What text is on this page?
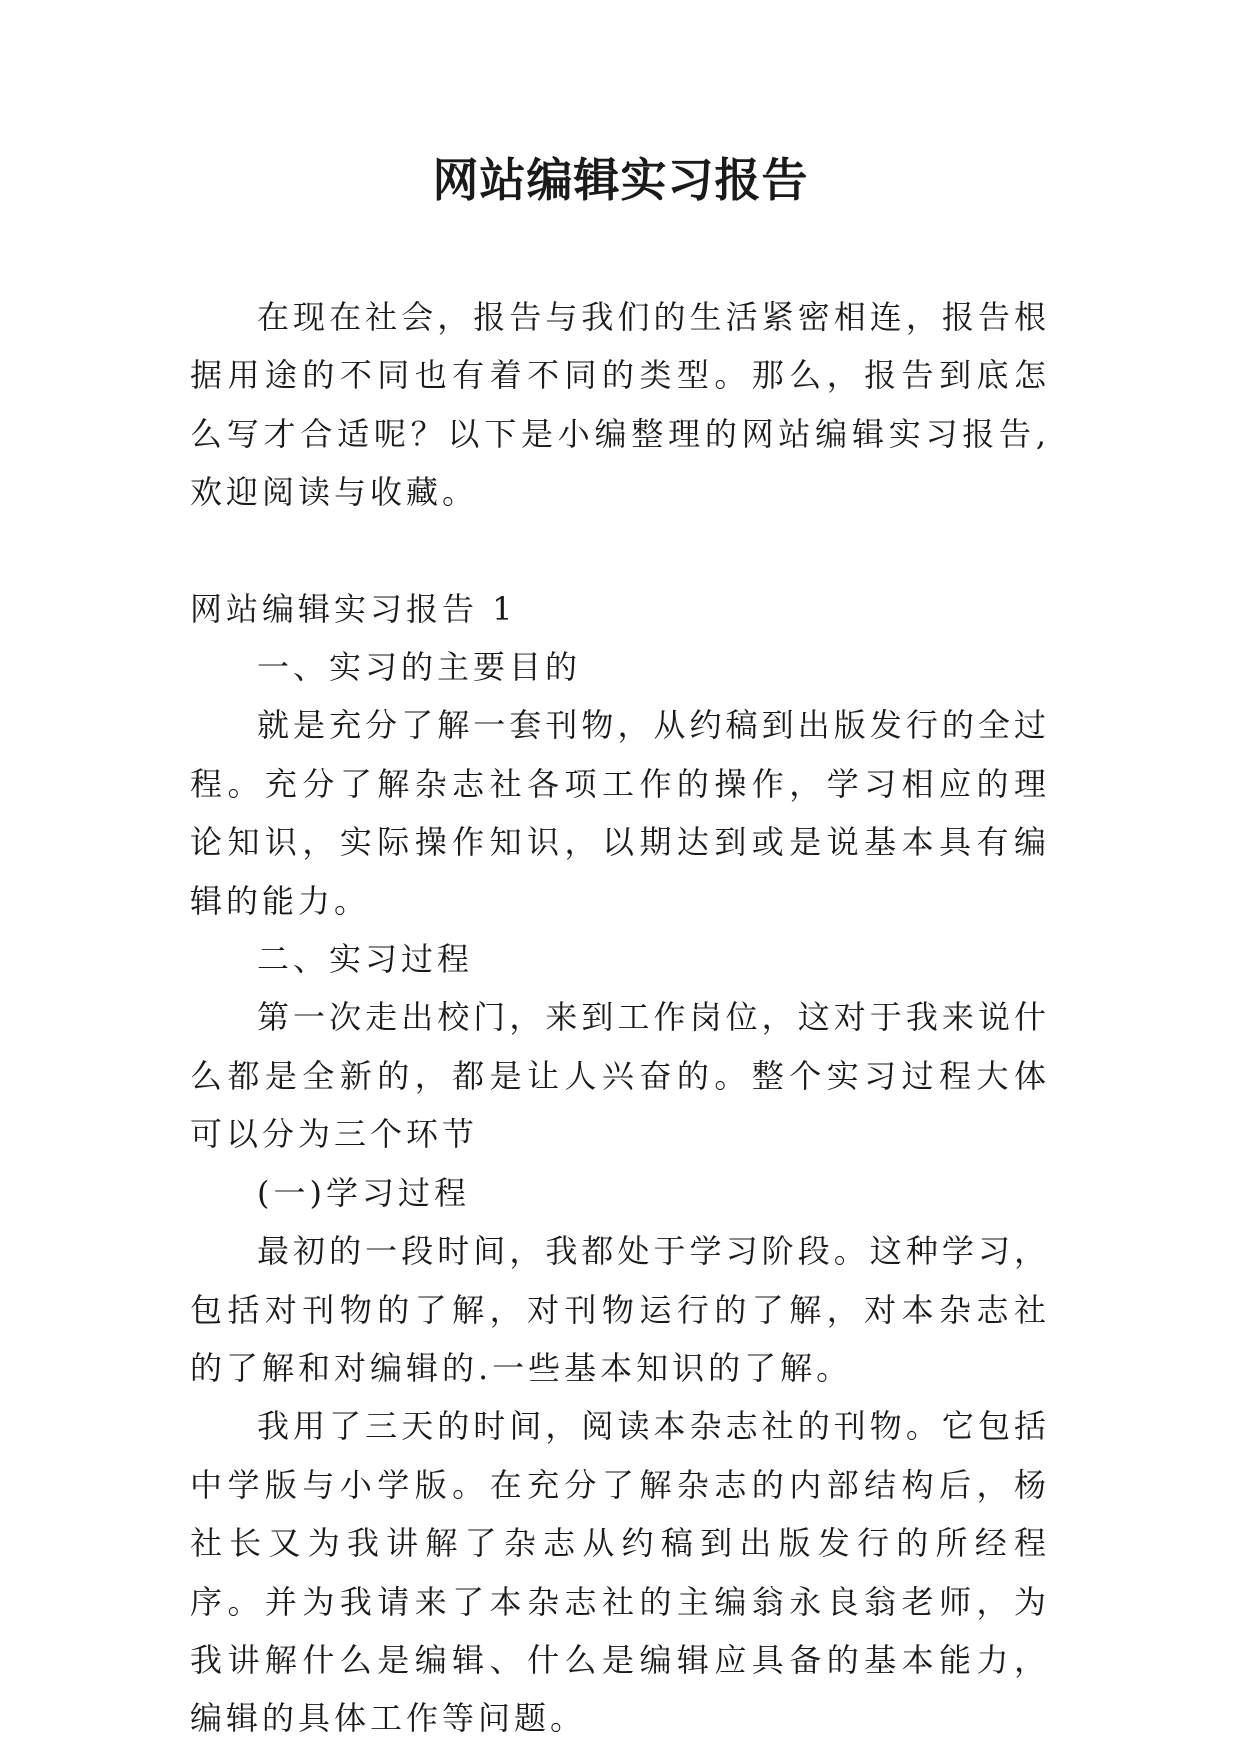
网站编辑实习报告

在现在社会，报告与我们的生活紧密相连，报告根据用途的不同也有着不同的类型。那么，报告到底怎么写才合适呢？以下是小编整理的网站编辑实习报告,欢迎阅读与收藏。

网站编辑实习报告 1

一、实习的主要目的

就是充分了解一套刊物，从约稿到出版发行的全过程。充分了解杂志社各项工作的操作，学习相应的理论知识，实际操作知识，以期达到或是说基本具有编辑的能力。

二、实习过程

第一次走出校门，来到工作岗位，这对于我来说什么都是全新的，都是让人兴奋的。整个实习过程大体可以分为三个环节

(一)学习过程

最初的一段时间，我都处于学习阶段。这种学习，包括对刊物的了解，对刊物运行的了解，对本杂志社的了解和对编辑的.一些基本知识的了解。

我用了三天的时间，阅读本杂志社的刊物。它包括中学版与小学版。在充分了解杂志的内部结构后，杨社长又为我讲解了杂志从约稿到出版发行的所经程序。并为我请来了本杂志社的主编翁永良翁老师，为我讲解什么是编辑、什么是编辑应具备的基本能力，编辑的具体工作等问题。
